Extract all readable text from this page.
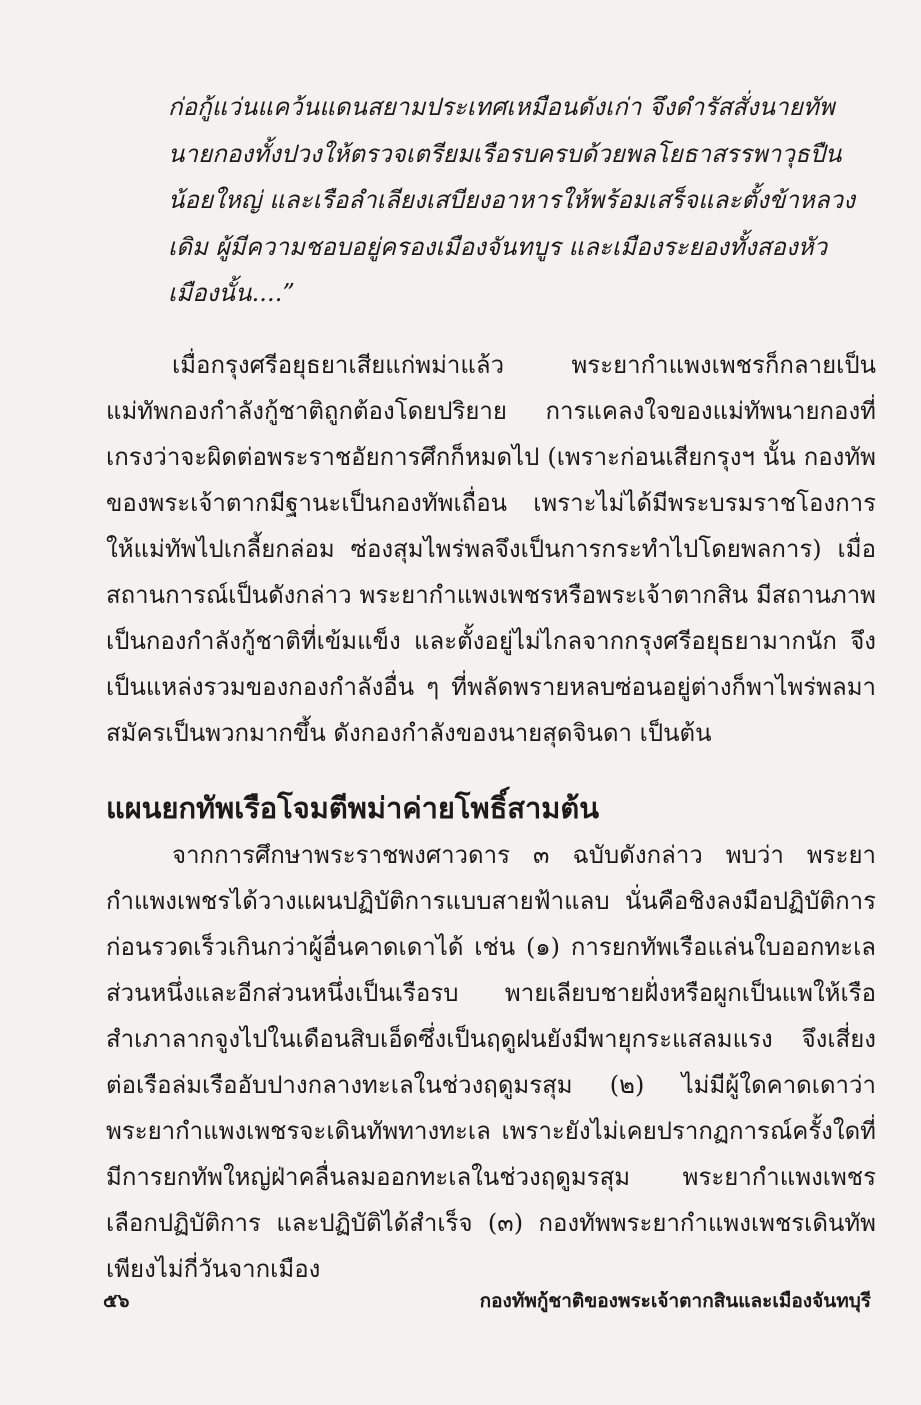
ก่อกู้แว่นแคว้นแดนสยามประเทศเหมือนดังเก่า จึงดำรัสสั่งนายทัพนายกองทั้งปวงให้ตรวจเตรียมเรือรบครบด้วยพลโยธาสรรพาวุธปืนน้อยใหญ่ และเรือลำเลียงเสบียงอาหารให้พร้อมเสร็จและตั้งข้าหลวงเดิม ผู้มีความชอบอยู่ครองเมืองจันทบูร และเมืองระยองทั้งสองหัวเมืองนั้น....”
เมื่อกรุงศรีอยุธยาเสียแก่พม่าแล้ว พระยากำแพงเพชรก็กลายเป็นแม่ทัพกองกำลังกู้ชาติถูกต้องโดยปริยาย การแคลงใจของแม่ทัพนายกองที่เกรงว่าจะผิดต่อพระราชอัยการศึกก็หมดไป (เพราะก่อนเสียกรุงฯ นั้น กองทัพของพระเจ้าตากมีฐานะเป็นกองทัพเถื่อน เพราะไม่ได้มีพระบรมราชโองการให้แม่ทัพไปเกลี้ยกล่อม ซ่องสุมไพร่พลจึงเป็นการกระทำไปโดยพลการ) เมื่อสถานการณ์เป็นดังกล่าว พระยากำแพงเพชรหรือพระเจ้าตากสิน มีสถานภาพเป็นกองกำลังกู้ชาติที่เข้มแข็ง และตั้งอยู่ไม่ไกลจากกรุงศรีอยุธยามากนัก จึงเป็นแหล่งรวมของกองกำลังอื่น ๆ ที่พลัดพรายหลบซ่อนอยู่ต่างก็พาไพร่พลมาสมัครเป็นพวกมากขึ้น ดังกองกำลังของนายสุดจินดา เป็นต้น
แผนยกทัพเรือโจมตีพม่าค่ายโพธิ์สามต้น
จากการศึกษาพระราชพงศาวดาร ๓ ฉบับดังกล่าว พบว่า พระยากำแพงเพชรได้วางแผนปฏิบัติการแบบสายฟ้าแลบ นั่นคือชิงลงมือปฏิบัติการก่อนรวดเร็วเกินกว่าผู้อื่นคาดเดาได้ เช่น (๑) การยกทัพเรือแล่นใบออกทะเลส่วนหนึ่งและอีกส่วนหนึ่งเป็นเรือรบ พายเลียบชายฝั่งหรือผูกเป็นแพให้เรือสำเภาลากจูงไปในเดือนสิบเอ็ดซึ่งเป็นฤดูฝนยังมีพายุกระแสลมแรง จึงเสี่ยงต่อเรือล่มเรืออับปางกลางทะเลในช่วงฤดูมรสุม (๒) ไม่มีผู้ใดคาดเดาว่าพระยากำแพงเพชรจะเดินทัพทางทะเล เพราะยังไม่เคยปรากฏการณ์ครั้งใดที่มีการยกทัพใหญ่ฝ่าคลื่นลมออกทะเลในช่วงฤดูมรสุม พระยากำแพงเพชรเลือกปฏิบัติการ และปฏิบัติได้สำเร็จ (๓) กองทัพพระยากำแพงเพชรเดินทัพเพียงไม่กี่วันจากเมือง
๕๖	กองทัพกู้ชาติของพระเจ้าตากสินและเมืองจันทบุรี
